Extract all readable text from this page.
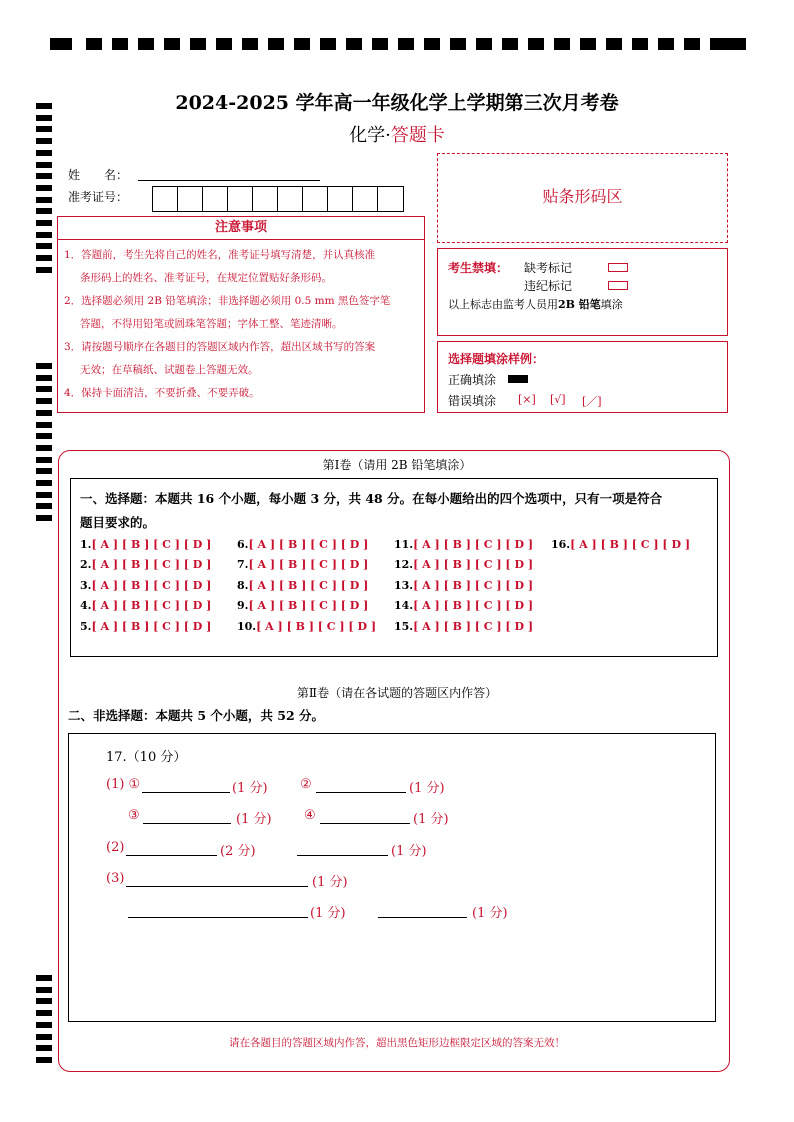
2024-2025 学年高一年级化学上学期第三次月考卷
化学·答题卡
姓　　名：
准考证号：
注意事项

1．答题前，考生先将自己的姓名，准考证号填写清楚，并认真核准

条形码上的姓名、准考证号，在规定位置贴好条形码。

2．选择题必须用 2B 铅笔填涂；非选择题必须用 0.5 mm 黑色签字笔

答题，不得用铅笔或圆珠笔答题；字体工整、笔迹清晰。

3．请按题号顺序在各题目的答题区域内作答，超出区域书写的答案

无效；在草稿纸、试题卷上答题无效。

4．保持卡面清洁，不要折叠、不要弄破。

贴条形码区
考生禁填： 缺考标记
违纪标记
以上标志由监考人员用2B 铅笔填涂
选择题填涂样例：
正确填涂
错误填涂 [×] [√] [／]
第Ⅰ卷（请用 2B 铅笔填涂）
一、选择题：本题共 16 个小题，每小题 3 分，共 48 分。在每小题给出的四个选项中，只有一项是符合
题目要求的。
1.[ A ] [ B ] [ C ] [ D ]
2.[ A ] [ B ] [ C ] [ D ]
3.[ A ] [ B ] [ C ] [ D ]
4.[ A ] [ B ] [ C ] [ D ]
5.[ A ] [ B ] [ C ] [ D ]
6.[ A ] [ B ] [ C ] [ D ]
7.[ A ] [ B ] [ C ] [ D ]
8.[ A ] [ B ] [ C ] [ D ]
9.[ A ] [ B ] [ C ] [ D ]
10.[ A ] [ B ] [ C ] [ D ]
11.[ A ] [ B ] [ C ] [ D ]
12.[ A ] [ B ] [ C ] [ D ]
13.[ A ] [ B ] [ C ] [ D ]
14.[ A ] [ B ] [ C ] [ D ]
15.[ A ] [ B ] [ C ] [ D ]
16.[ A ] [ B ] [ C ] [ D ]
第Ⅱ卷（请在各试题的答题区内作答）
二、非选择题：本题共 5 个小题，共 52 分。
17.（10 分）
(1) ①	(1 分) ②	(1 分)
③	(1 分) ④	(1 分)
(2)	(2 分)	(1 分)
(3)	(1 分)
(1 分)	(1 分)
请在各题目的答题区域内作答，超出黑色矩形边框限定区域的答案无效！
